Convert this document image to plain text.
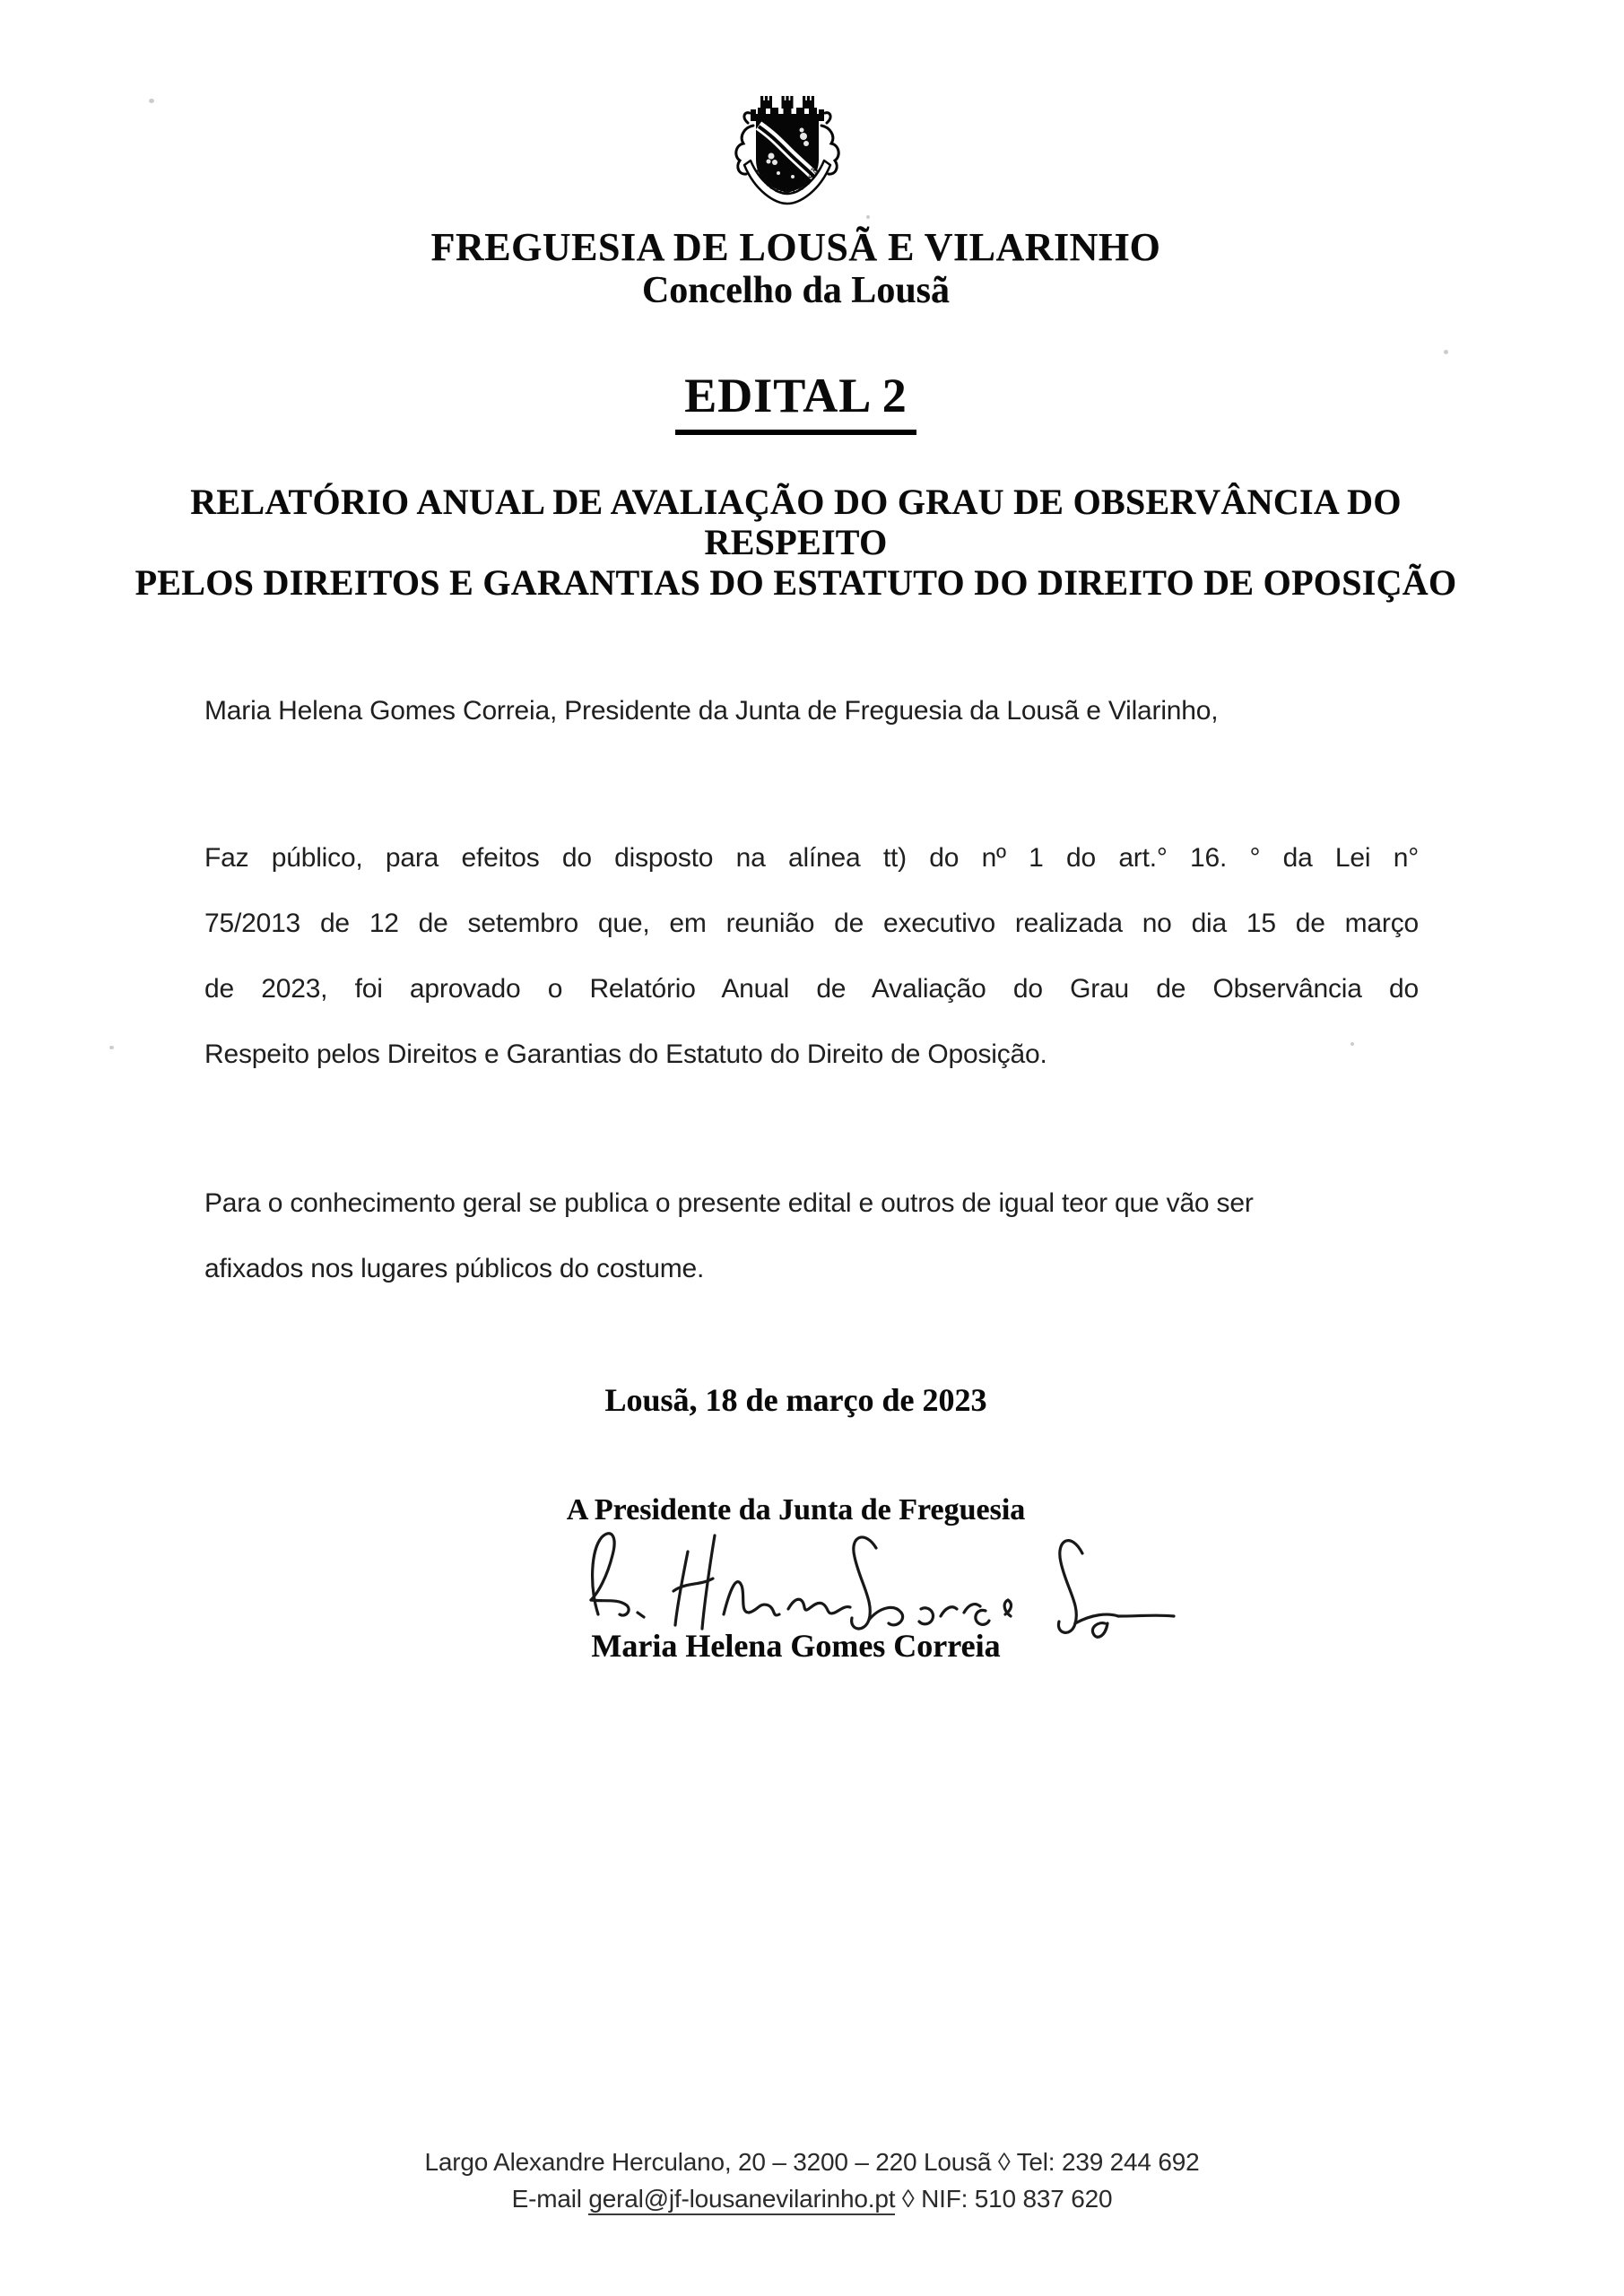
VILA DA LOUSÃ
FREGUESIA DE LOUSÃ E VILARINHO
Concelho da Lousã
EDITAL 2
RELATÓRIO ANUAL DE AVALIAÇÃO DO GRAU DE OBSERVÂNCIA DO
RESPEITO
PELOS DIREITOS E GARANTIAS DO ESTATUTO DO DIREITO DE OPOSIÇÃO
Maria Helena Gomes Correia, Presidente da Junta de Freguesia da Lousã e Vilarinho,
Faz público, para efeitos do disposto na alínea tt) do nº 1 do art.° 16. ° da Lei n°
75/2013 de 12 de setembro que, em reunião de executivo realizada no dia 15 de março
de 2023, foi aprovado o Relatório Anual de Avaliação do Grau de Observância do
Respeito pelos Direitos e Garantias do Estatuto do Direito de Oposição.
Para o conhecimento geral se publica o presente edital e outros de igual teor que vão ser
afixados nos lugares públicos do costume.
Lousã, 18 de março de 2023
A Presidente da Junta de Freguesia
Maria Helena Gomes Correia
Largo Alexandre Herculano, 20 – 3200 – 220 Lousã ◊ Tel: 239 244 692
E-mail geral@jf-lousanevilarinho.pt ◊ NIF: 510 837 620
